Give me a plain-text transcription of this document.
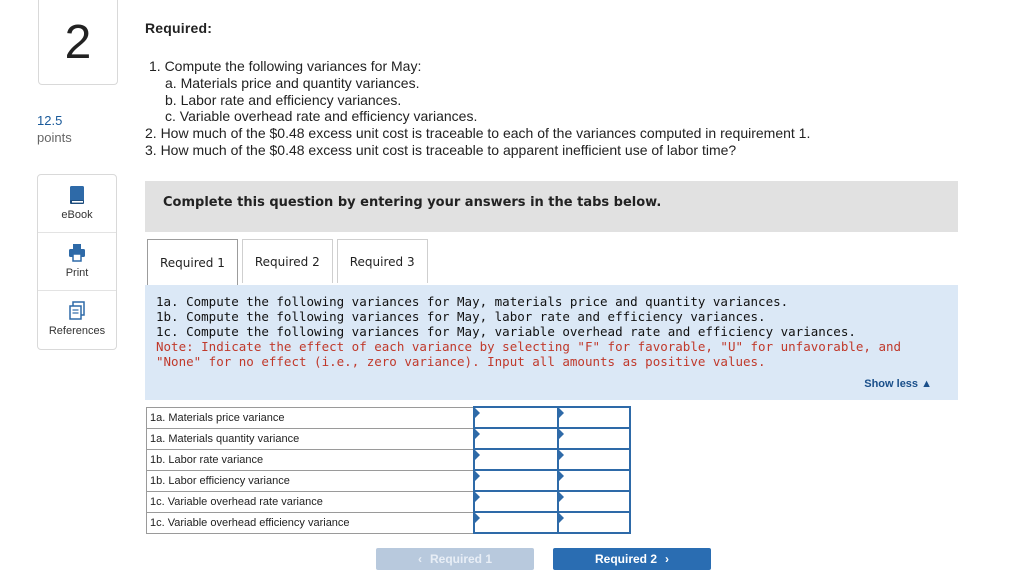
2
12.5
points
eBook
Print
References
Required:
1. Compute the following variances for May:
a. Materials price and quantity variances.
b. Labor rate and efficiency variances.
c. Variable overhead rate and efficiency variances.
2. How much of the $0.48 excess unit cost is traceable to each of the variances computed in requirement 1.
3. How much of the $0.48 excess unit cost is traceable to apparent inefficient use of labor time?
Complete this question by entering your answers in the tabs below.
Required 1	Required 2	Required 3
1a. Compute the following variances for May, materials price and quantity variances.
1b. Compute the following variances for May, labor rate and efficiency variances.
1c. Compute the following variances for May, variable overhead rate and efficiency variances.
Note: Indicate the effect of each variance by selecting "F" for favorable, "U" for unfavorable, and "None" for no effect (i.e., zero variance). Input all amounts as positive values.
Show less ▲
1a. Materials price variance	

1a. Materials quantity variance	

1b. Labor rate variance	

1b. Labor efficiency variance	

1c. Variable overhead rate variance	

1c. Variable overhead efficiency variance	

‹ Required 1	Required 2 ›
